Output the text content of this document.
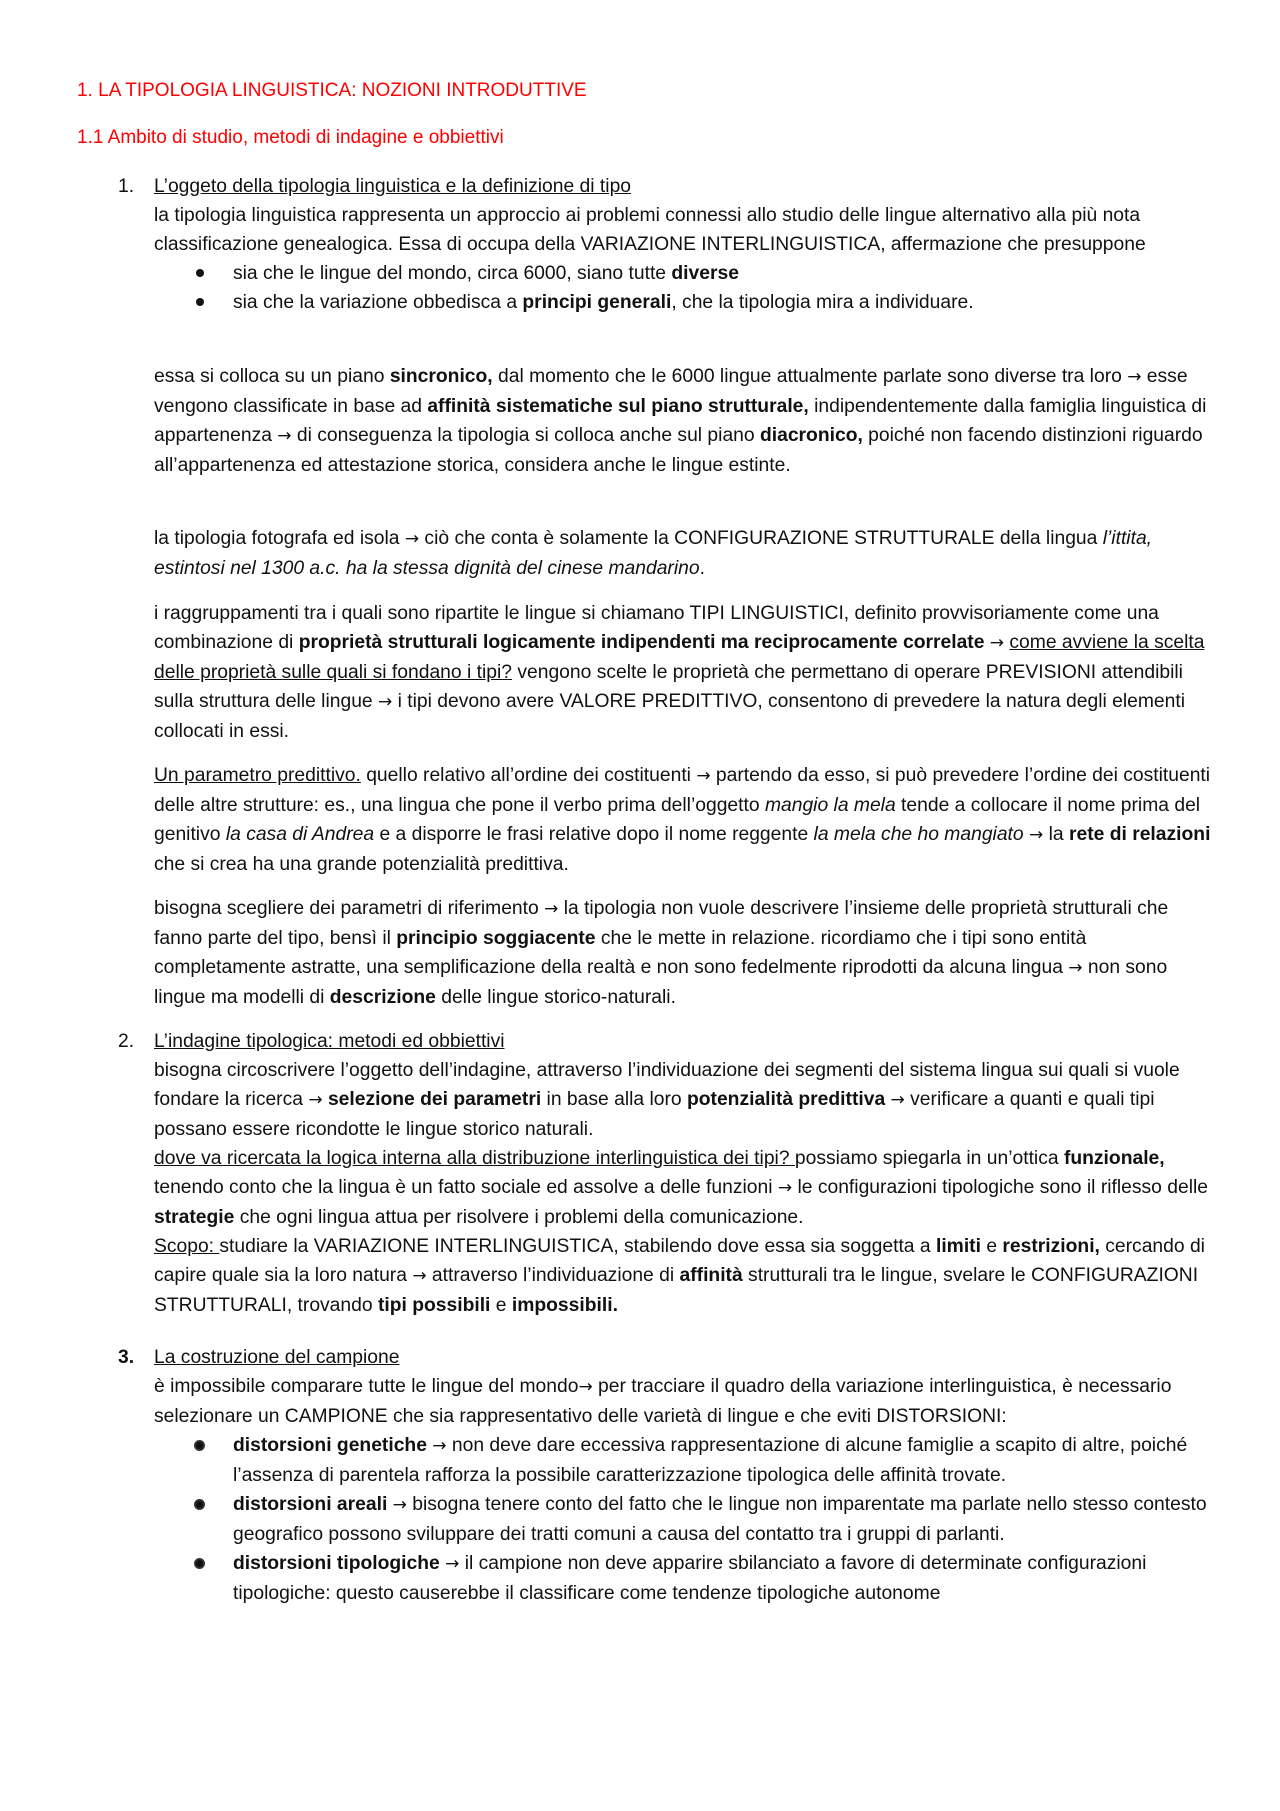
1. LA TIPOLOGIA LINGUISTICA: NOZIONI INTRODUTTIVE
1.1 Ambito di studio, metodi di indagine e obbiettivi
1. L’oggeto della tipologia linguistica e la definizione di tipo
la tipologia linguistica rappresenta un approccio ai problemi connessi allo studio delle lingue alternativo alla più nota classificazione genealogica. Essa di occupa della VARIAZIONE INTERLINGUISTICA, affermazione che presuppone

sia che le lingue del mondo, circa 6000, siano tutte diverse
sia che la variazione obbedisca a principi generali, che la tipologia mira a individuare.

essa si colloca su un piano sincronico, dal momento che le 6000 lingue attualmente parlate sono diverse tra loro → esse vengono classificate in base ad affinità sistematiche sul piano strutturale, indipendentemente dalla famiglia linguistica di appartenenza → di conseguenza la tipologia si colloca anche sul piano diacronico, poiché non facendo distinzioni riguardo all’appartenenza ed attestazione storica, considera anche le lingue estinte.

la tipologia fotografa ed isola → ciò che conta è solamente la CONFIGURAZIONE STRUTTURALE della lingua l’ittita, estintosi nel 1300 a.c. ha la stessa dignità del cinese mandarino.

i raggruppamenti tra i quali sono ripartite le lingue si chiamano TIPI LINGUISTICI, definito provvisoriamente come una combinazione di proprietà strutturali logicamente indipendenti ma reciprocamente correlate → come avviene la scelta delle proprietà sulle quali si fondano i tipi? vengono scelte le proprietà che permettano di operare PREVISIONI attendibili sulla struttura delle lingue → i tipi devono avere VALORE PREDITTIVO, consentono di prevedere la natura degli elementi collocati in essi.

Un parametro predittivo. quello relativo all’ordine dei costituenti → partendo da esso, si può prevedere l’ordine dei costituenti delle altre strutture: es., una lingua che pone il verbo prima dell’oggetto mangio la mela tende a collocare il nome prima del genitivo la casa di Andrea e a disporre le frasi relative dopo il nome reggente la mela che ho mangiato → la rete di relazioni che si crea ha una grande potenzialità predittiva.

bisogna scegliere dei parametri di riferimento → la tipologia non vuole descrivere l’insieme delle proprietà strutturali che fanno parte del tipo, bensì il principio soggiacente che le mette in relazione. ricordiamo che i tipi sono entità completamente astratte, una semplificazione della realtà e non sono fedelmente riprodotti da alcuna lingua → non sono lingue ma modelli di descrizione delle lingue storico-naturali.

2. L’indagine tipologica: metodi ed obbiettivi
bisogna circoscrivere l’oggetto dell’indagine, attraverso l’individuazione dei segmenti del sistema lingua sui quali si vuole fondare la ricerca → selezione dei parametri in base alla loro potenzialità predittiva → verificare a quanti e quali tipi possano essere ricondotte le lingue storico naturali.
dove va ricercata la logica interna alla distribuzione interlinguistica dei tipi? possiamo spiegarla in un’ottica funzionale, tenendo conto che la lingua è un fatto sociale ed assolve a delle funzioni → le configurazioni tipologiche sono il riflesso delle strategie che ogni lingua attua per risolvere i problemi della comunicazione.
Scopo: studiare la VARIAZIONE INTERLINGUISTICA, stabilendo dove essa sia soggetta a limiti e restrizioni, cercando di capire quale sia la loro natura → attraverso l’individuazione di affinità strutturali tra le lingue, svelare le CONFIGURAZIONI STRUTTURALI, trovando tipi possibili e impossibili.

3. La costruzione del campione
è impossibile comparare tutte le lingue del mondo→ per tracciare il quadro della variazione interlinguistica, è necessario selezionare un CAMPIONE che sia rappresentativo delle varietà di lingue e che eviti DISTORSIONI:

distorsioni genetiche → non deve dare eccessiva rappresentazione di alcune famiglie a scapito di altre, poiché l’assenza di parentela rafforza la possibile caratterizzazione tipologica delle affinità trovate.
distorsioni areali → bisogna tenere conto del fatto che le lingue non imparentate ma parlate nello stesso contesto geografico possono sviluppare dei tratti comuni a causa del contatto tra i gruppi di parlanti.
distorsioni tipologiche → il campione non deve apparire sbilanciato a favore di determinate configurazioni tipologiche: questo causerebbe il classificare come tendenze tipologiche autonome
